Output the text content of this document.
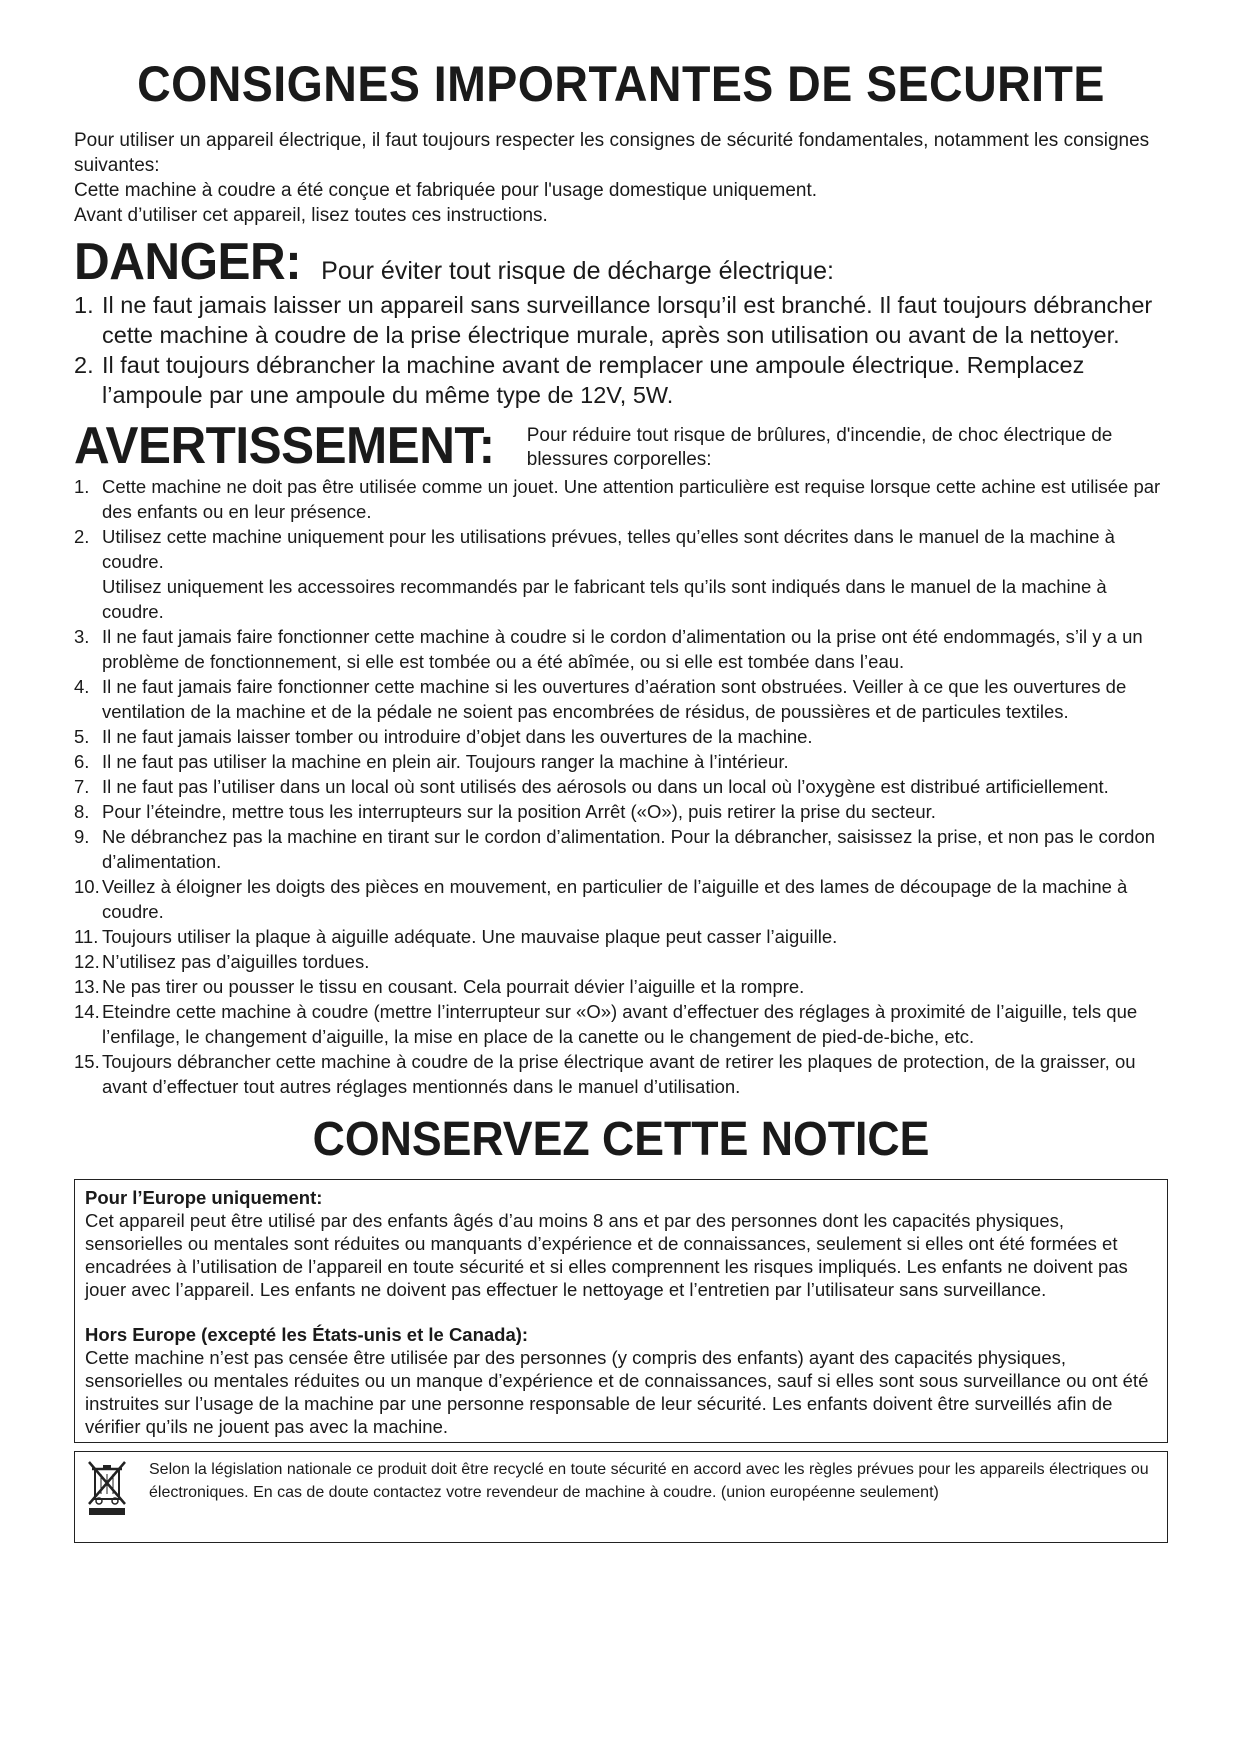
CONSIGNES IMPORTANTES DE SECURITE

Pour utiliser un appareil électrique, il faut toujours respecter les consignes de sécurité fondamentales, notamment les consignes suivantes:

Cette machine à coudre a été conçue et fabriquée pour l'usage domestique uniquement.

Avant d’utiliser cet appareil, lisez toutes ces instructions.

DANGER: Pour éviter tout risque de décharge électrique:
1. Il ne faut jamais laisser un appareil sans surveillance lorsqu’il est branché. Il faut toujours débrancher cette machine à coudre de la prise électrique murale, après son utilisation ou avant de la nettoyer.
2. Il faut toujours débrancher la machine avant de remplacer une ampoule électrique. Remplacez l’ampoule par une ampoule du même type de 12V, 5W.
AVERTISSEMENT: Pour réduire tout risque de brûlures, d'incendie, de choc électrique de blessures corporelles:
1. Cette machine ne doit pas être utilisée comme un jouet. Une attention particulière est requise lorsque cette achine est utilisée par des enfants ou en leur présence.
2. Utilisez cette machine uniquement pour les utilisations prévues, telles qu’elles sont décrites dans le manuel de la machine à coudre.
Utilisez uniquement les accessoires recommandés par le fabricant tels qu’ils sont indiqués dans le manuel de la machine à coudre.
3. Il ne faut jamais faire fonctionner cette machine à coudre si le cordon d’alimentation ou la prise ont été endommagés, s’il y a un problème de fonctionnement, si elle est tombée ou a été abîmée, ou si elle est tombée dans l’eau.
4. Il ne faut jamais faire fonctionner cette machine si les ouvertures d’aération sont obstruées. Veiller à ce que les ouvertures de ventilation de la machine et de la pédale ne soient pas encombrées de résidus, de poussières et de particules textiles.
5. Il ne faut jamais laisser tomber ou introduire d’objet dans les ouvertures de la machine.
6. Il ne faut pas utiliser la machine en plein air. Toujours ranger la machine à l’intérieur.
7. Il ne faut pas l’utiliser dans un local où sont utilisés des aérosols ou dans un local où l’oxygène est distribué artificiellement.
8. Pour l’éteindre, mettre tous les interrupteurs sur la position Arrêt («O»), puis retirer la prise du secteur.
9. Ne débranchez pas la machine en tirant sur le cordon d’alimentation. Pour la débrancher, saisissez la prise, et non pas le cordon d’alimentation.
10. Veillez à éloigner les doigts des pièces en mouvement, en particulier de l’aiguille et des lames de découpage de la machine à coudre.
11. Toujours utiliser la plaque à aiguille adéquate. Une mauvaise plaque peut casser l’aiguille.
12. N’utilisez pas d’aiguilles tordues.
13. Ne pas tirer ou pousser le tissu en cousant. Cela pourrait dévier l’aiguille et la rompre.
14. Eteindre cette machine à coudre (mettre l’interrupteur sur «O») avant d’effectuer des réglages à proximité de l’aiguille, tels que l’enfilage, le changement d’aiguille, la mise en place de la canette ou le changement de pied-de-biche, etc.
15. Toujours débrancher cette machine à coudre de la prise électrique avant de retirer les plaques de protection, de la graisser, ou avant d’effectuer tout autres réglages mentionnés dans le manuel d’utilisation.
CONSERVEZ CETTE NOTICE

Pour l’Europe uniquement:

Cet appareil peut être utilisé par des enfants âgés d’au moins 8 ans et par des personnes dont les capacités physiques, sensorielles ou mentales sont réduites ou manquants d’expérience et de connaissances, seulement si elles ont été formées et encadrées à l’utilisation de l’appareil en toute sécurité et si elles comprennent les risques impliqués. Les enfants ne doivent pas jouer avec l’appareil. Les enfants ne doivent pas effectuer le nettoyage et l’entretien par l’utilisateur sans surveillance.

Hors Europe (excepté les États-unis et le Canada):

Cette machine n’est pas censée être utilisée par des personnes (y compris des enfants) ayant des capacités physiques, sensorielles ou mentales réduites ou un manque d’expérience et de connaissances, sauf si elles sont sous surveillance ou ont été instruites sur l’usage de la machine par une personne responsable de leur sécurité. Les enfants doivent être surveillés afin de vérifier qu’ils ne jouent pas avec la machine.

Selon la législation nationale ce produit doit être recyclé en toute sécurité en accord avec les règles prévues pour les appareils électriques ou électroniques. En cas de doute contactez votre revendeur de machine à coudre. (union européenne seulement)
